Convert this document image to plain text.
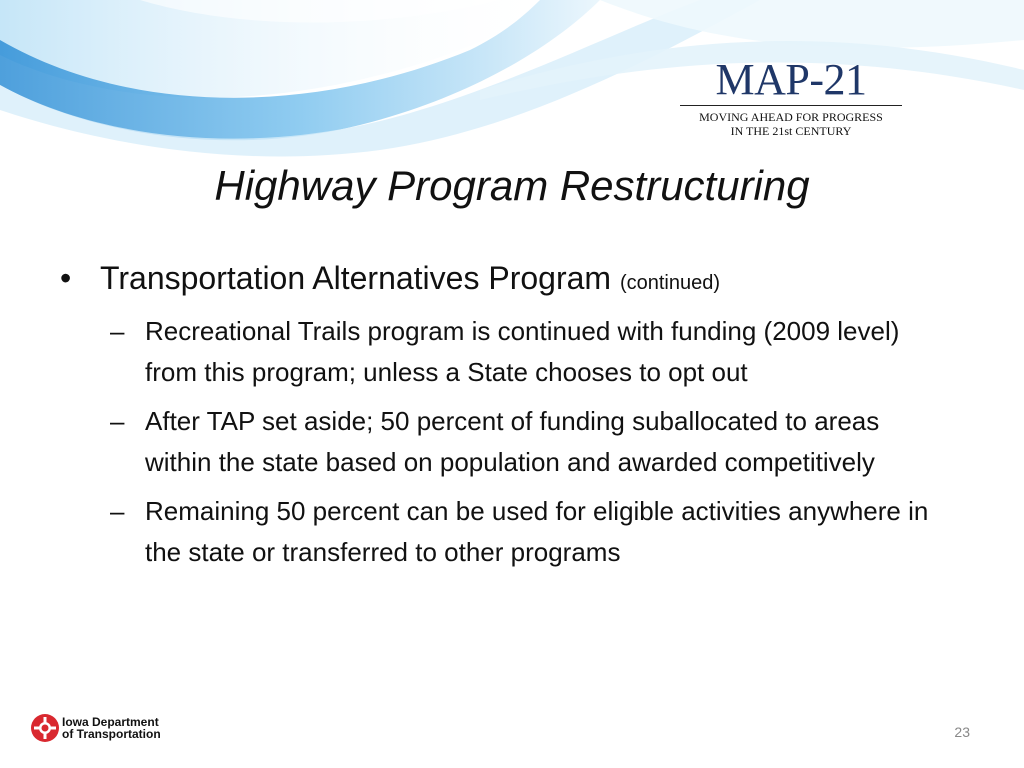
MAP-21
MOVING AHEAD FOR PROGRESS
IN THE 21st CENTURY
Highway Program Restructuring
• Transportation Alternatives Program (continued)
– Recreational Trails program is continued with funding (2009 level) from this program; unless a State chooses to opt out
– After TAP set aside; 50 percent of funding suballocated to areas within the state based on population and awarded competitively
– Remaining 50 percent can be used for eligible activities anywhere in the state or transferred to other programs
Iowa Department
of Transportation	23
